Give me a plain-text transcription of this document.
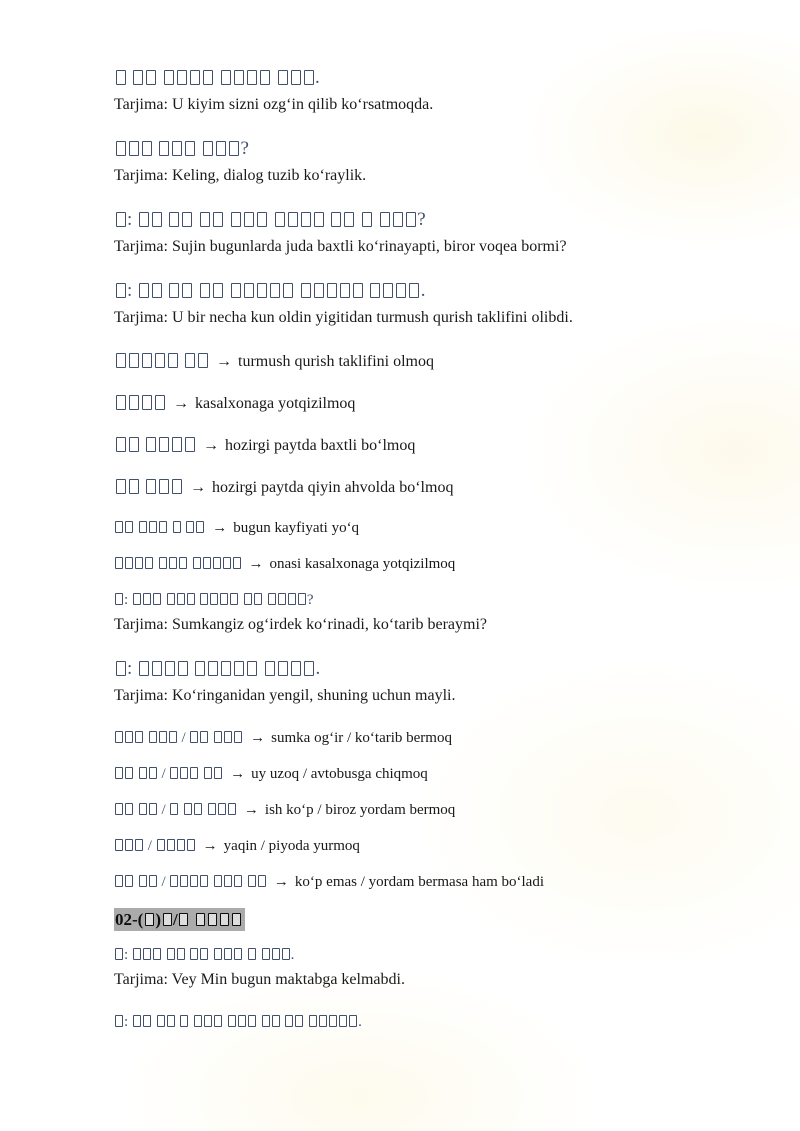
.
Tarjima: U kiyim sizni ozg‘in qilib ko‘rsatmoqda.
?
Tarjima: Keling, dialog tuzib ko‘raylik.
:	?
Tarjima: Sujin bugunlarda juda baxtli ko‘rinayapti, biror voqea bormi?
:	.
Tarjima: U bir necha kun oldin yigitidan turmush qurish taklifini olibdi.
→ turmush qurish taklifini olmoq
→ kasalxonaga yotqizilmoq
→ hozirgi paytda baxtli bo‘lmoq
→ hozirgi paytda qiyin ahvolda bo‘lmoq
→ bugun kayfiyati yo‘q
→ onasi kasalxonaga yotqizilmoq
:	?
Tarjima: Sumkangiz og‘irdek ko‘rinadi, ko‘tarib beraymi?
:	.
Tarjima: Ko‘ringanidan yengil, shuning uchun mayli.
/	→ sumka og‘ir / ko‘tarib bermoq
/	→ uy uzoq / avtobusga chiqmoq
/	→ ish ko‘p / biroz yordam bermoq
/	→ yaqin / piyoda yurmoq
/	→ ko‘p emas / yordam bermasa ham bo‘ladi
02-( ) /
:	.
Tarjima: Vey Min bugun maktabga kelmabdi.
:	.
